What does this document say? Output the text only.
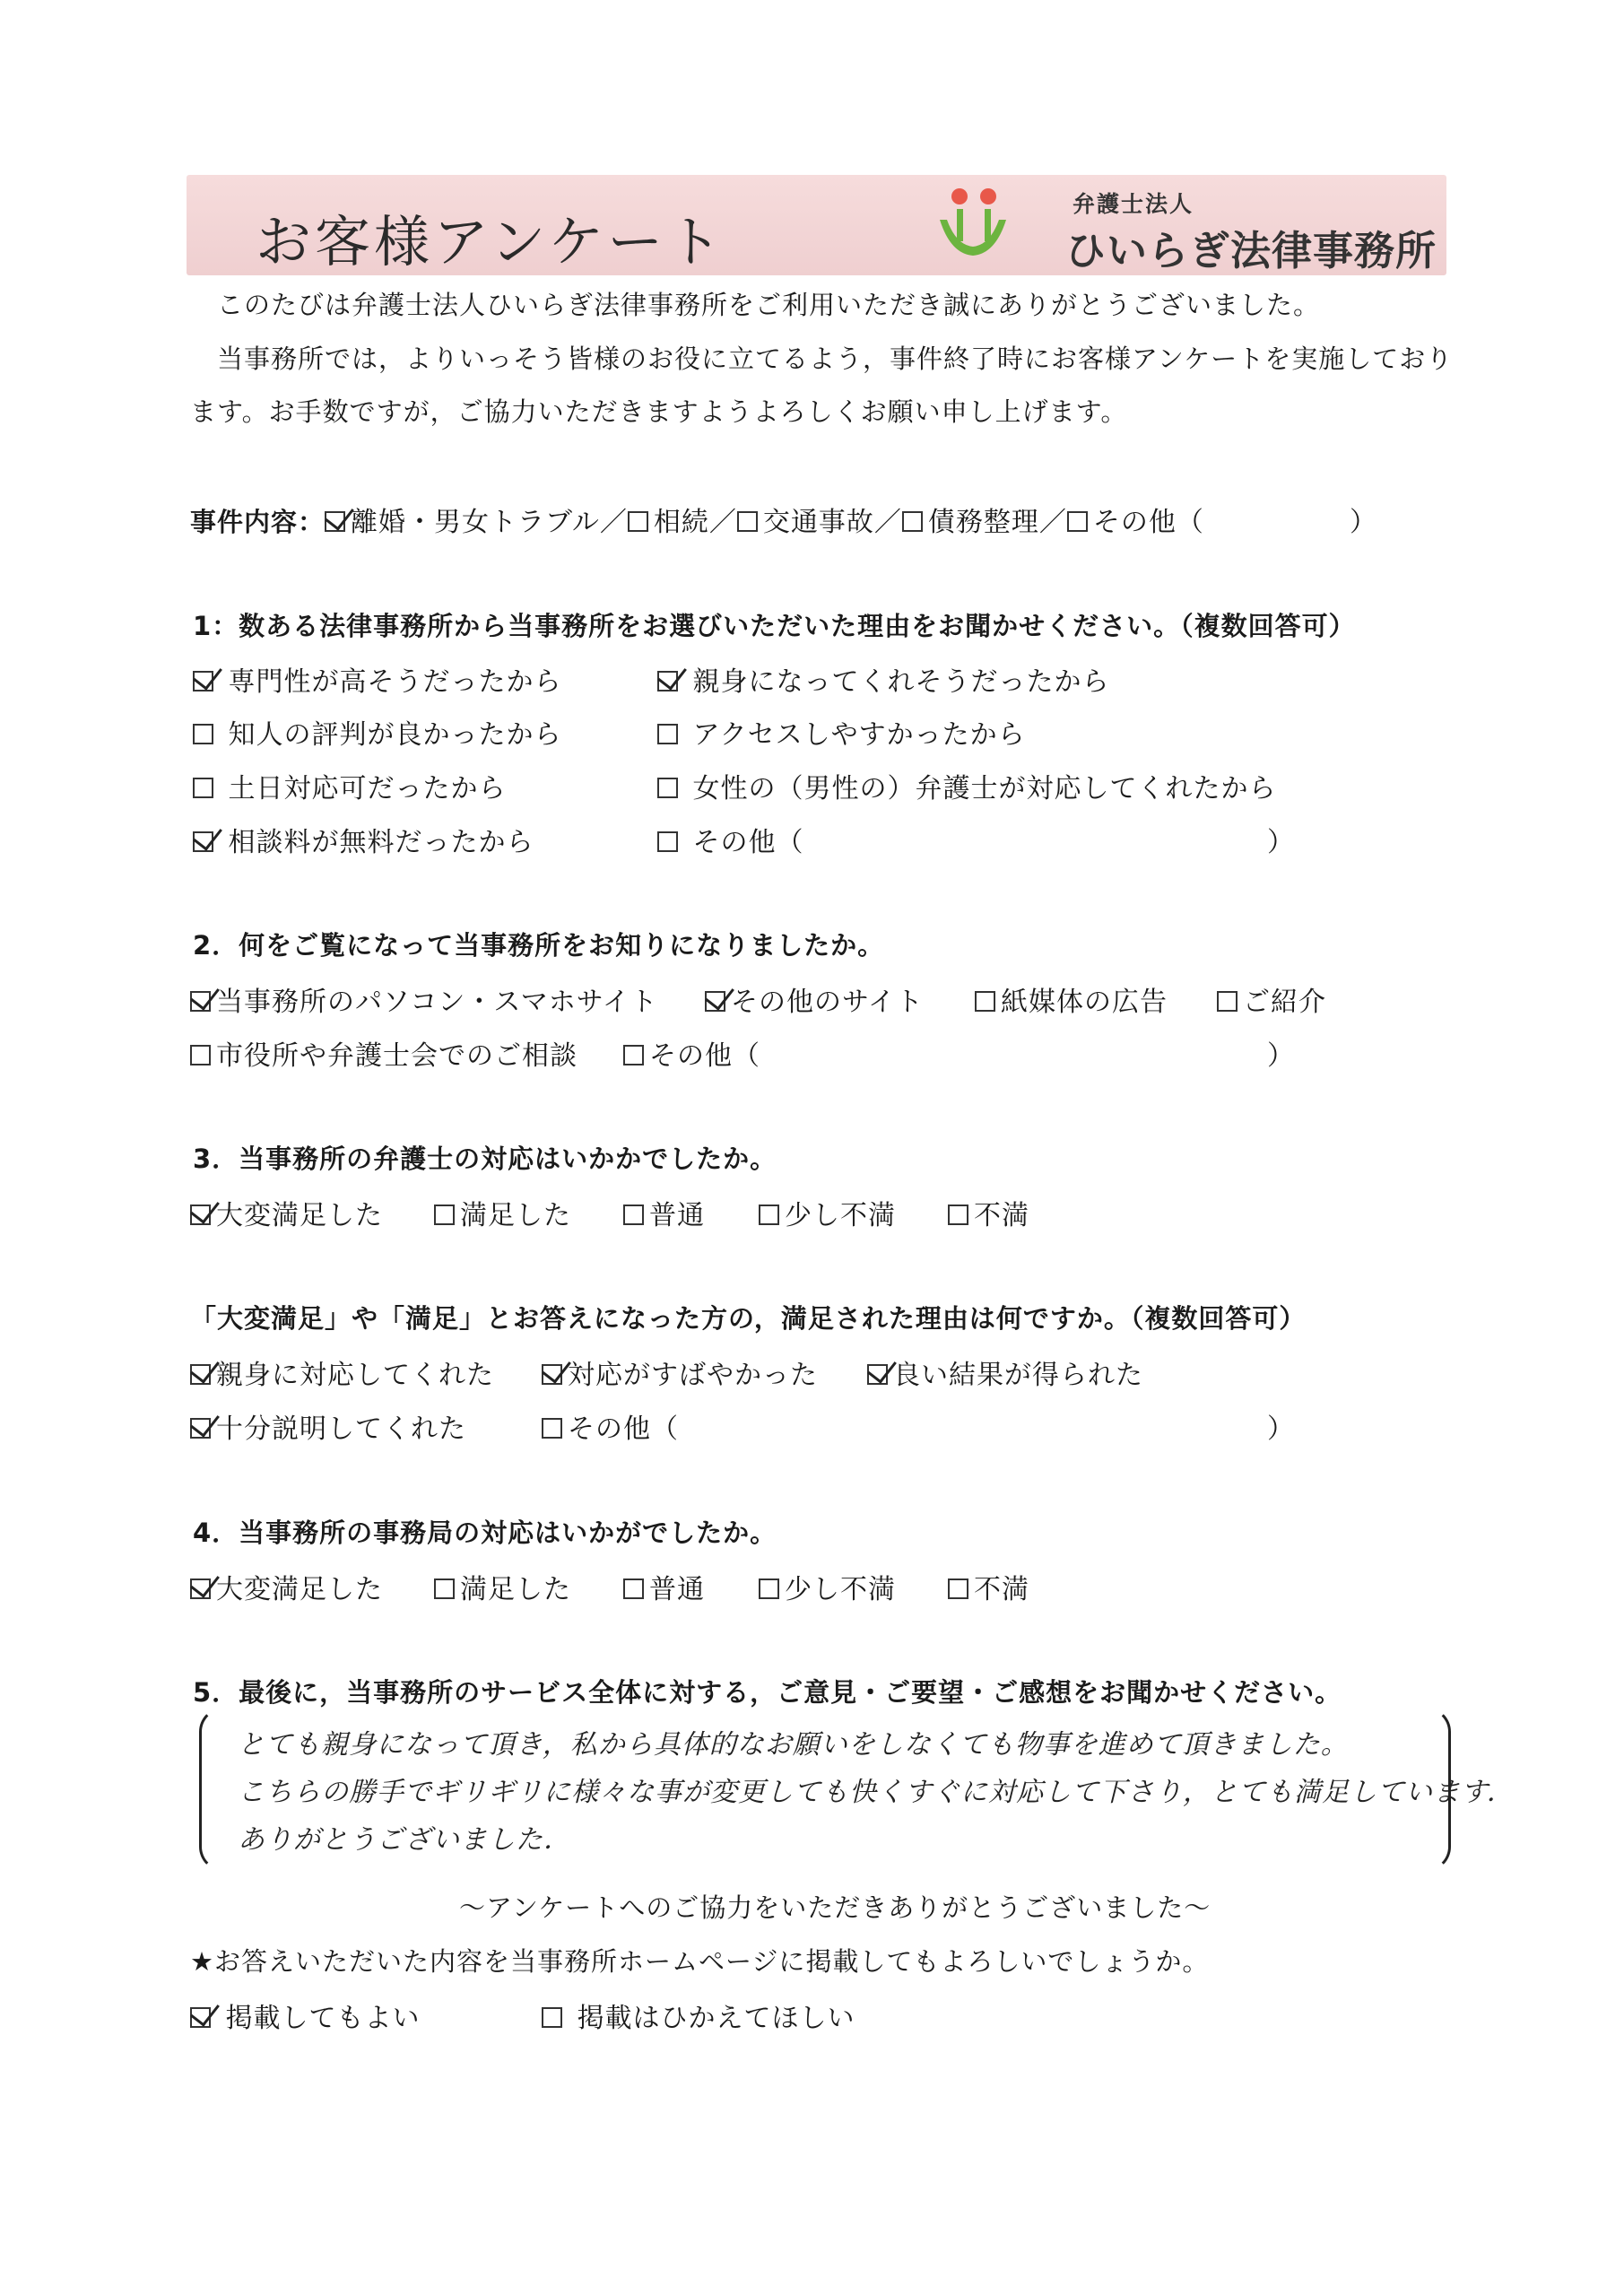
お客様アンケート
弁護士法人
ひいらぎ法律事務所
このたびは弁護士法人ひいらぎ法律事務所をご利用いただき誠にありがとうございました。
当事務所では，よりいっそう皆様のお役に立てるよう，事件終了時にお客様アンケートを実施しており
ます。お手数ですが，ご協力いただきますようよろしくお願い申し上げます。
事件内容： 離婚・男女トラブル／ 相続／ 交通事故／ 債務整理／ その他（	）
1：数ある法律事務所から当事務所をお選びいただいた理由をお聞かせください。（複数回答可）
専門性が高そうだったから	親身になってくれそうだったから
知人の評判が良かったから	アクセスしやすかったから
土日対応可だったから	女性の（男性の）弁護士が対応してくれたから
相談料が無料だったから	その他（	）
2．何をご覧になって当事務所をお知りになりましたか。
当事務所のパソコン・スマホサイト	その他のサイト	紙媒体の広告	ご紹介
市役所や弁護士会でのご相談	その他（	）
3．当事務所の弁護士の対応はいかかでしたか。
大変満足した	満足した	普通	少し不満	不満
「大変満足」や「満足」とお答えになった方の，満足された理由は何ですか。（複数回答可）
親身に対応してくれた	対応がすばやかった	良い結果が得られた
十分説明してくれた	その他（	）
4．当事務所の事務局の対応はいかがでしたか。
大変満足した	満足した	普通	少し不満	不満
5．最後に，当事務所のサービス全体に対する，ご意見・ご要望・ご感想をお聞かせください。
とても親身になって頂き，私から具体的なお願いをしなくても物事を進めて頂きました。
こちらの勝手でギリギリに様々な事が変更しても快くすぐに対応して下さり，とても満足しています．
ありがとうございました．
～アンケートへのご協力をいただきありがとうございました～
★お答えいただいた内容を当事務所ホームページに掲載してもよろしいでしょうか。
掲載してもよい	掲載はひかえてほしい
